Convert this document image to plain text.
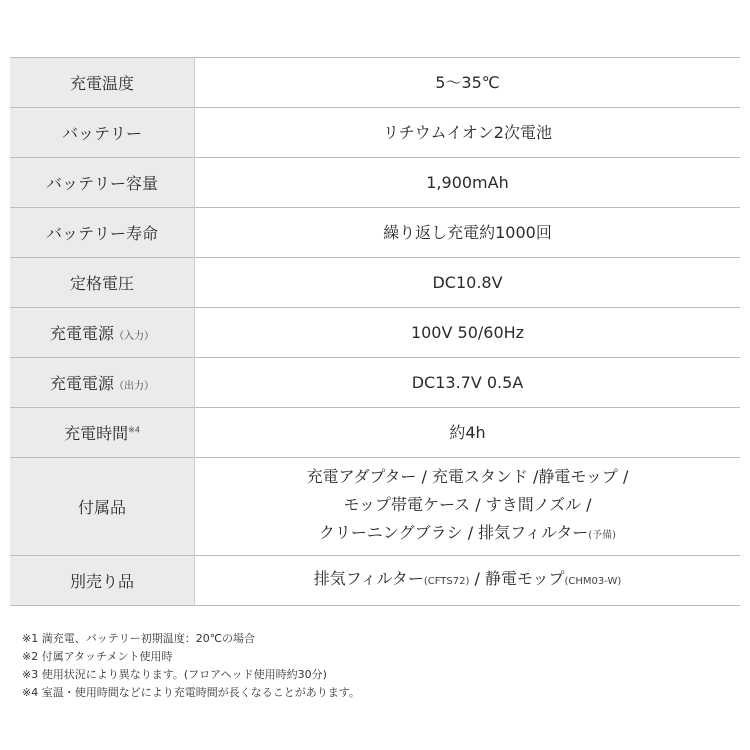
充電温度	5〜35℃
バッテリー	リチウムイオン2次電池
バッテリー容量	1,900mAh
バッテリー寿命	繰り返し充電約1000回
定格電圧	DC10.8V
充電電源（入力）	100V 50/60Hz
充電電源（出力）	DC13.7V 0.5A
充電時間$^{※4}$	約4h
付属品	充電アダプター / 充電スタンド /静電モップ /
モップ帯電ケース / すき間ノズル /
クリーニングブラシ / 排気フィルター(予備)

別売り品	排気フィルター(CFTS72) / 静電モップ(CHM03-W)
※1 満充電、バッテリー初期温度：20℃の場合
※2 付属アタッチメント使用時
※3 使用状況により異なります。(フロアヘッド使用時約30分)
※4 室温・使用時間などにより充電時間が長くなることがあります。
